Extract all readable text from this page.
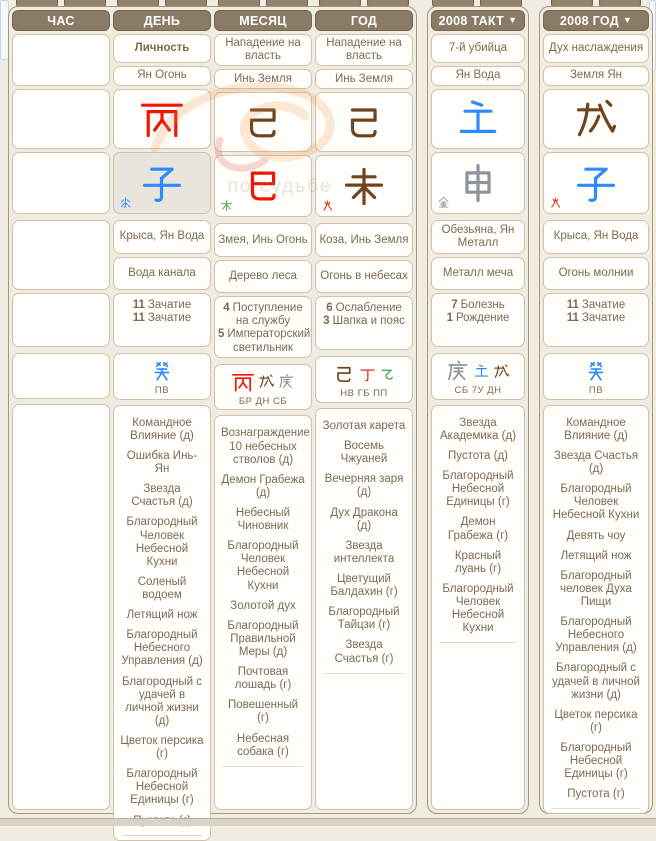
ЧАС	ДЕНЬ
Личность
Ян Огонь
Крыса, Ян Вода
Вода канала
11 Зачатие
11 Зачатие
ПВ
Командное Влияние (д)
Ошибка Инь-Ян
Звезда Счастья (д)
Благородный Человек Небесной Кухни
Соленый водоем
Летящий нож
Благородный Небесного Управления (д)
Благородный с удачей в личной жизни (д)
Цветок персика (г)
Благородный Небесной Единицы (г)
МЕСЯЦ
Нападение на власть
Инь Земля
Змея, Инь Огонь
Дерево леса
4 Поступление на службу
5 Императорский светильник
БР ДН СБ
Вознаграждение 10 небесных стволов (д)
Демон Грабежа (д)
Небесный Чиновник
Благородный Человек Небесной Кухни
Золотой дух
Благородный Правильной Меры (д)
Почтовая лошадь (г)
Повешенный (г)
Небесная собака (г)
ГОД
Нападение на власть
Инь Земля
Коза, Инь Земля
Огонь в небесах
6 Ослабление
3 Шапка и пояс
НВ ГБ ПП
Золотая карета
Восемь Чжуаней
Вечерняя заря (д)
Дух Дракона (д)
Звезда интеллекта
Цветущий Балдахин (г)
Благородный Тайцзи (г)
Звезда Счастья (г)
2008 ТАКТ ▼
7-й убийца
Ян Вода
Обезьяна, Ян Металл
Металл меча
7 Болезнь
1 Рождение
СБ 7У ДН
Звезда Академика (д)
Пустота (д)
Благородный Небесной Единицы (г)
Демон Грабежа (г)
Красный луань (г)
Благородный Человек Небесной Кухни
2008 ГОД ▼
Дух наслаждения
Земля Ян
Крыса, Ян Вода
Огонь молнии
11 Зачатие
11 Зачатие
ПВ
Командное Влияние (д)
Звезда Счастья (д)
Благородный Человек Небесной Кухни
Девять чоу
Летящий нож
Благородный человек Духа Пищи
Благородный Небесного Управления (д)
Благородный с удачей в личной жизни (д)
Цветок персика (г)
Благородный Небесной Единицы (г)
Пустота (г)
по судьбе
